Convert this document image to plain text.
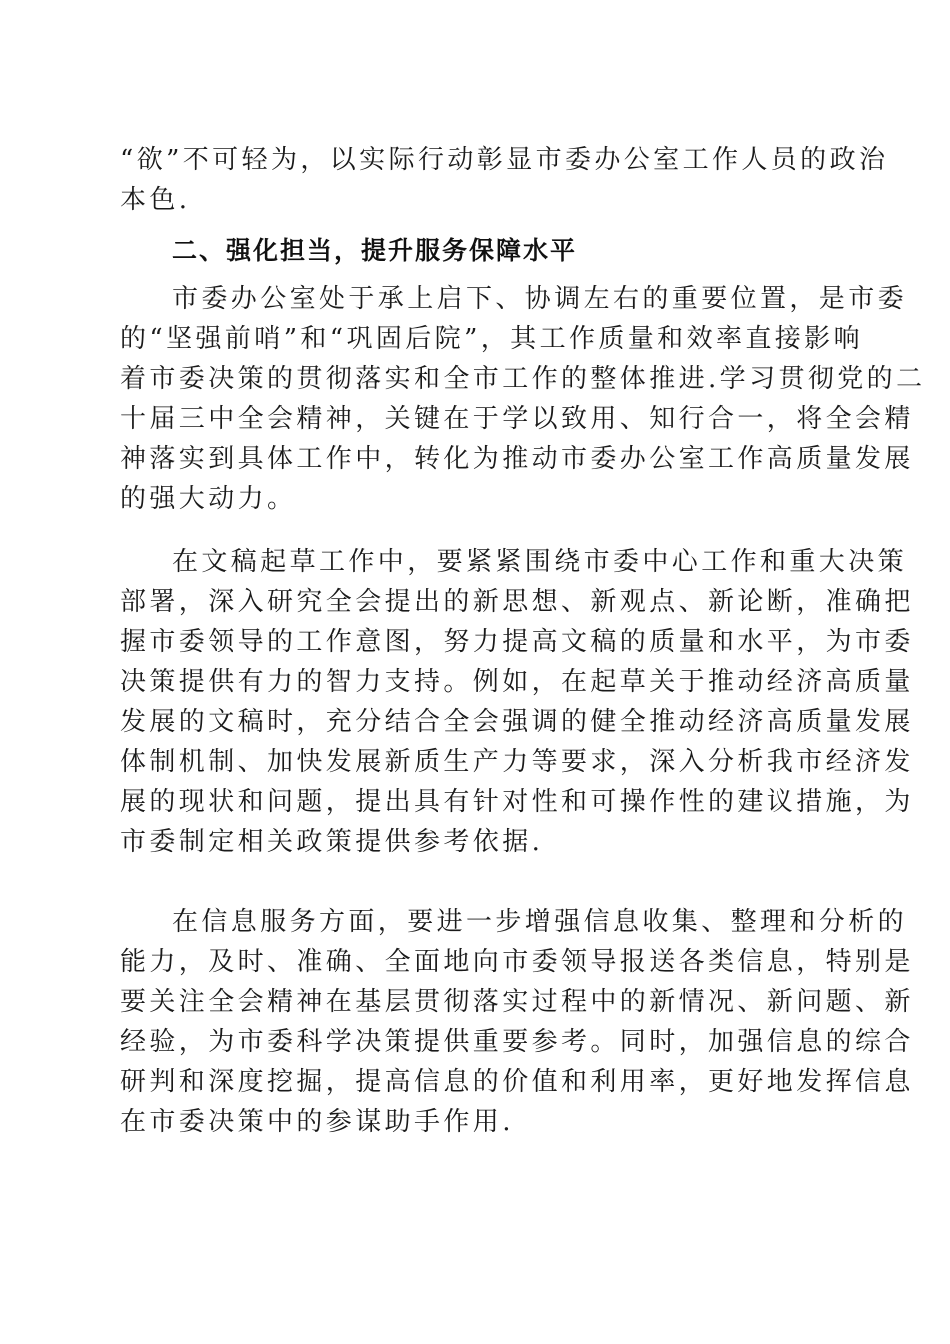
“欲”不可轻为，以实际行动彰显市委办公室工作人员的政治
本色.
二、强化担当，提升服务保障水平
市委办公室处于承上启下、协调左右的重要位置，是市委
的“坚强前哨”和“巩固后院”，其工作质量和效率直接影响
着市委决策的贯彻落实和全市工作的整体推进.学习贯彻党的二
十届三中全会精神，关键在于学以致用、知行合一，将全会精
神落实到具体工作中，转化为推动市委办公室工作高质量发展
的强大动力。
在文稿起草工作中，要紧紧围绕市委中心工作和重大决策
部署，深入研究全会提出的新思想、新观点、新论断，准确把
握市委领导的工作意图，努力提高文稿的质量和水平，为市委
决策提供有力的智力支持。例如，在起草关于推动经济高质量
发展的文稿时，充分结合全会强调的健全推动经济高质量发展
体制机制、加快发展新质生产力等要求，深入分析我市经济发
展的现状和问题，提出具有针对性和可操作性的建议措施，为
市委制定相关政策提供参考依据.
在信息服务方面，要进一步增强信息收集、整理和分析的
能力，及时、准确、全面地向市委领导报送各类信息，特别是
要关注全会精神在基层贯彻落实过程中的新情况、新问题、新
经验，为市委科学决策提供重要参考。同时，加强信息的综合
研判和深度挖掘，提高信息的价值和利用率，更好地发挥信息
在市委决策中的参谋助手作用.
